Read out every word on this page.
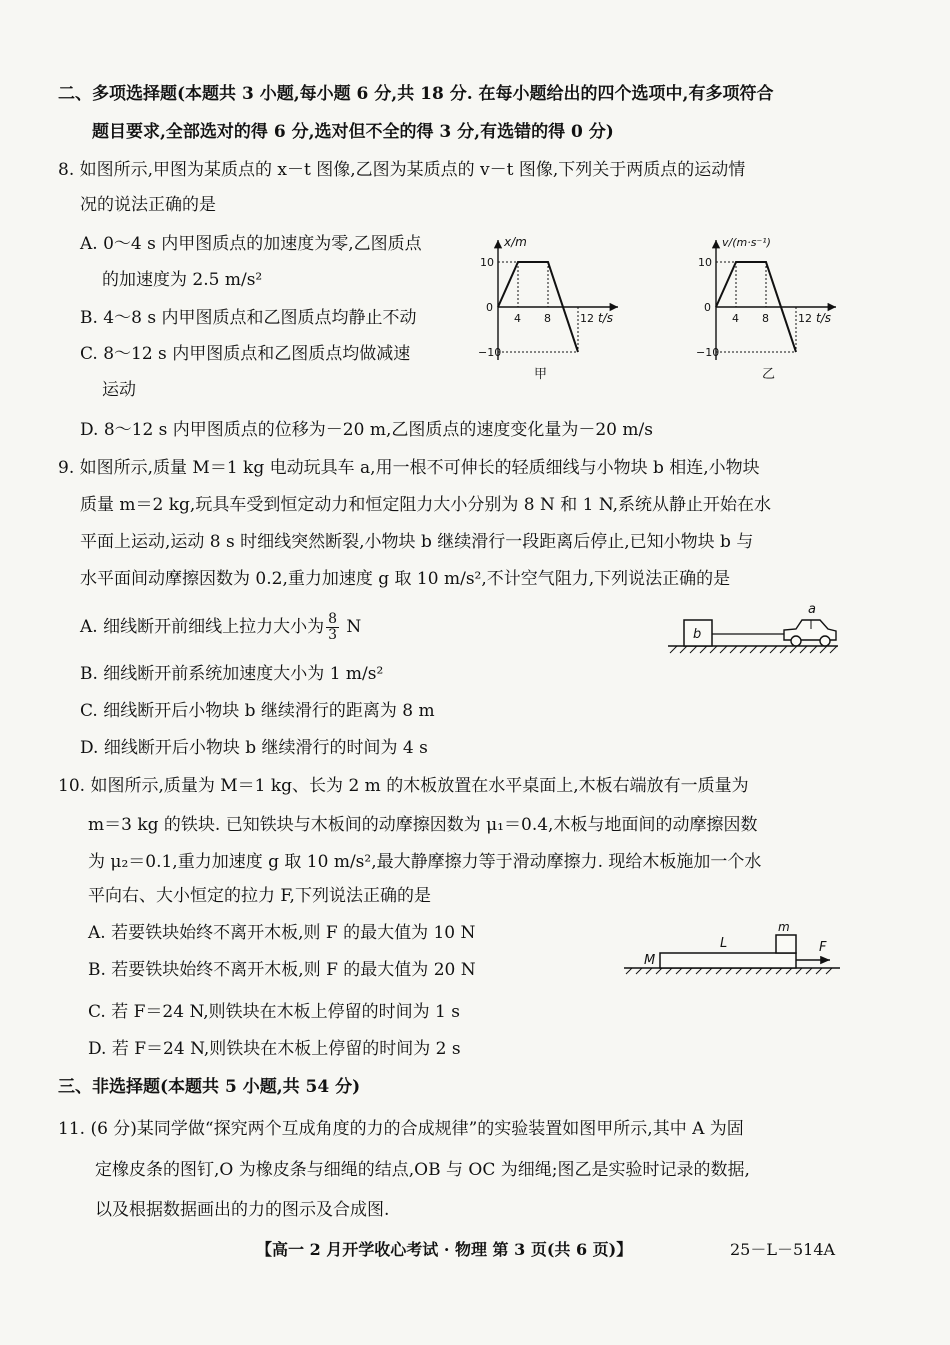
二、多项选择题(本题共 3 小题,每小题 6 分,共 18 分. 在每小题给出的四个选项中,有多项符合
题目要求,全部选对的得 6 分,选对但不全的得 3 分,有选错的得 0 分)
8. 如图所示,甲图为某质点的 x－t 图像,乙图为某质点的 v－t 图像,下列关于两质点的运动情
况的说法正确的是
A. 0～4 s 内甲图质点的加速度为零,乙图质点
的加速度为 2.5 m/s²
B. 4～8 s 内甲图质点和乙图质点均静止不动
C. 8～12 s 内甲图质点和乙图质点均做减速
运动
D. 8～12 s 内甲图质点的位移为－20 m,乙图质点的速度变化量为－20 m/s
x/m
10
0
−10
4 8	12 t/s
甲
v/(m·s⁻¹)
10
0
−10
4 8	12 t/s
乙
9. 如图所示,质量 M＝1 kg 电动玩具车 a,用一根不可伸长的轻质细线与小物块 b 相连,小物块
质量 m＝2 kg,玩具车受到恒定动力和恒定阻力大小分别为 8 N 和 1 N,系统从静止开始在水
平面上运动,运动 8 s 时细线突然断裂,小物块 b 继续滑行一段距离后停止,已知小物块 b 与
水平面间动摩擦因数为 0.2,重力加速度 g 取 10 m/s²,不计空气阻力,下列说法正确的是
A. 细线断开前细线上拉力大小为 $\frac{8}{3}$ N
B. 细线断开前系统加速度大小为 1 m/s²
C. 细线断开后小物块 b 继续滑行的距离为 8 m
D. 细线断开后小物块 b 继续滑行的时间为 4 s
b
a
10. 如图所示,质量为 M＝1 kg、长为 2 m 的木板放置在水平桌面上,木板右端放有一质量为
m＝3 kg 的铁块. 已知铁块与木板间的动摩擦因数为 μ₁＝0.4,木板与地面间的动摩擦因数
为 μ₂＝0.1,重力加速度 g 取 10 m/s²,最大静摩擦力等于滑动摩擦力. 现给木板施加一个水
平向右、大小恒定的拉力 F,下列说法正确的是
A. 若要铁块始终不离开木板,则 F 的最大值为 10 N
B. 若要铁块始终不离开木板,则 F 的最大值为 20 N
C. 若 F＝24 N,则铁块在木板上停留的时间为 1 s
D. 若 F＝24 N,则铁块在木板上停留的时间为 2 s
M
L
m
F
三、非选择题(本题共 5 小题,共 54 分)
11. (6 分)某同学做“探究两个互成角度的力的合成规律”的实验装置如图甲所示,其中 A 为固
定橡皮条的图钉,O 为橡皮条与细绳的结点,OB 与 OC 为细绳;图乙是实验时记录的数据,
以及根据数据画出的力的图示及合成图.
【高一 2 月开学收心考试 · 物理 第 3 页(共 6 页)】	25－L－514A
